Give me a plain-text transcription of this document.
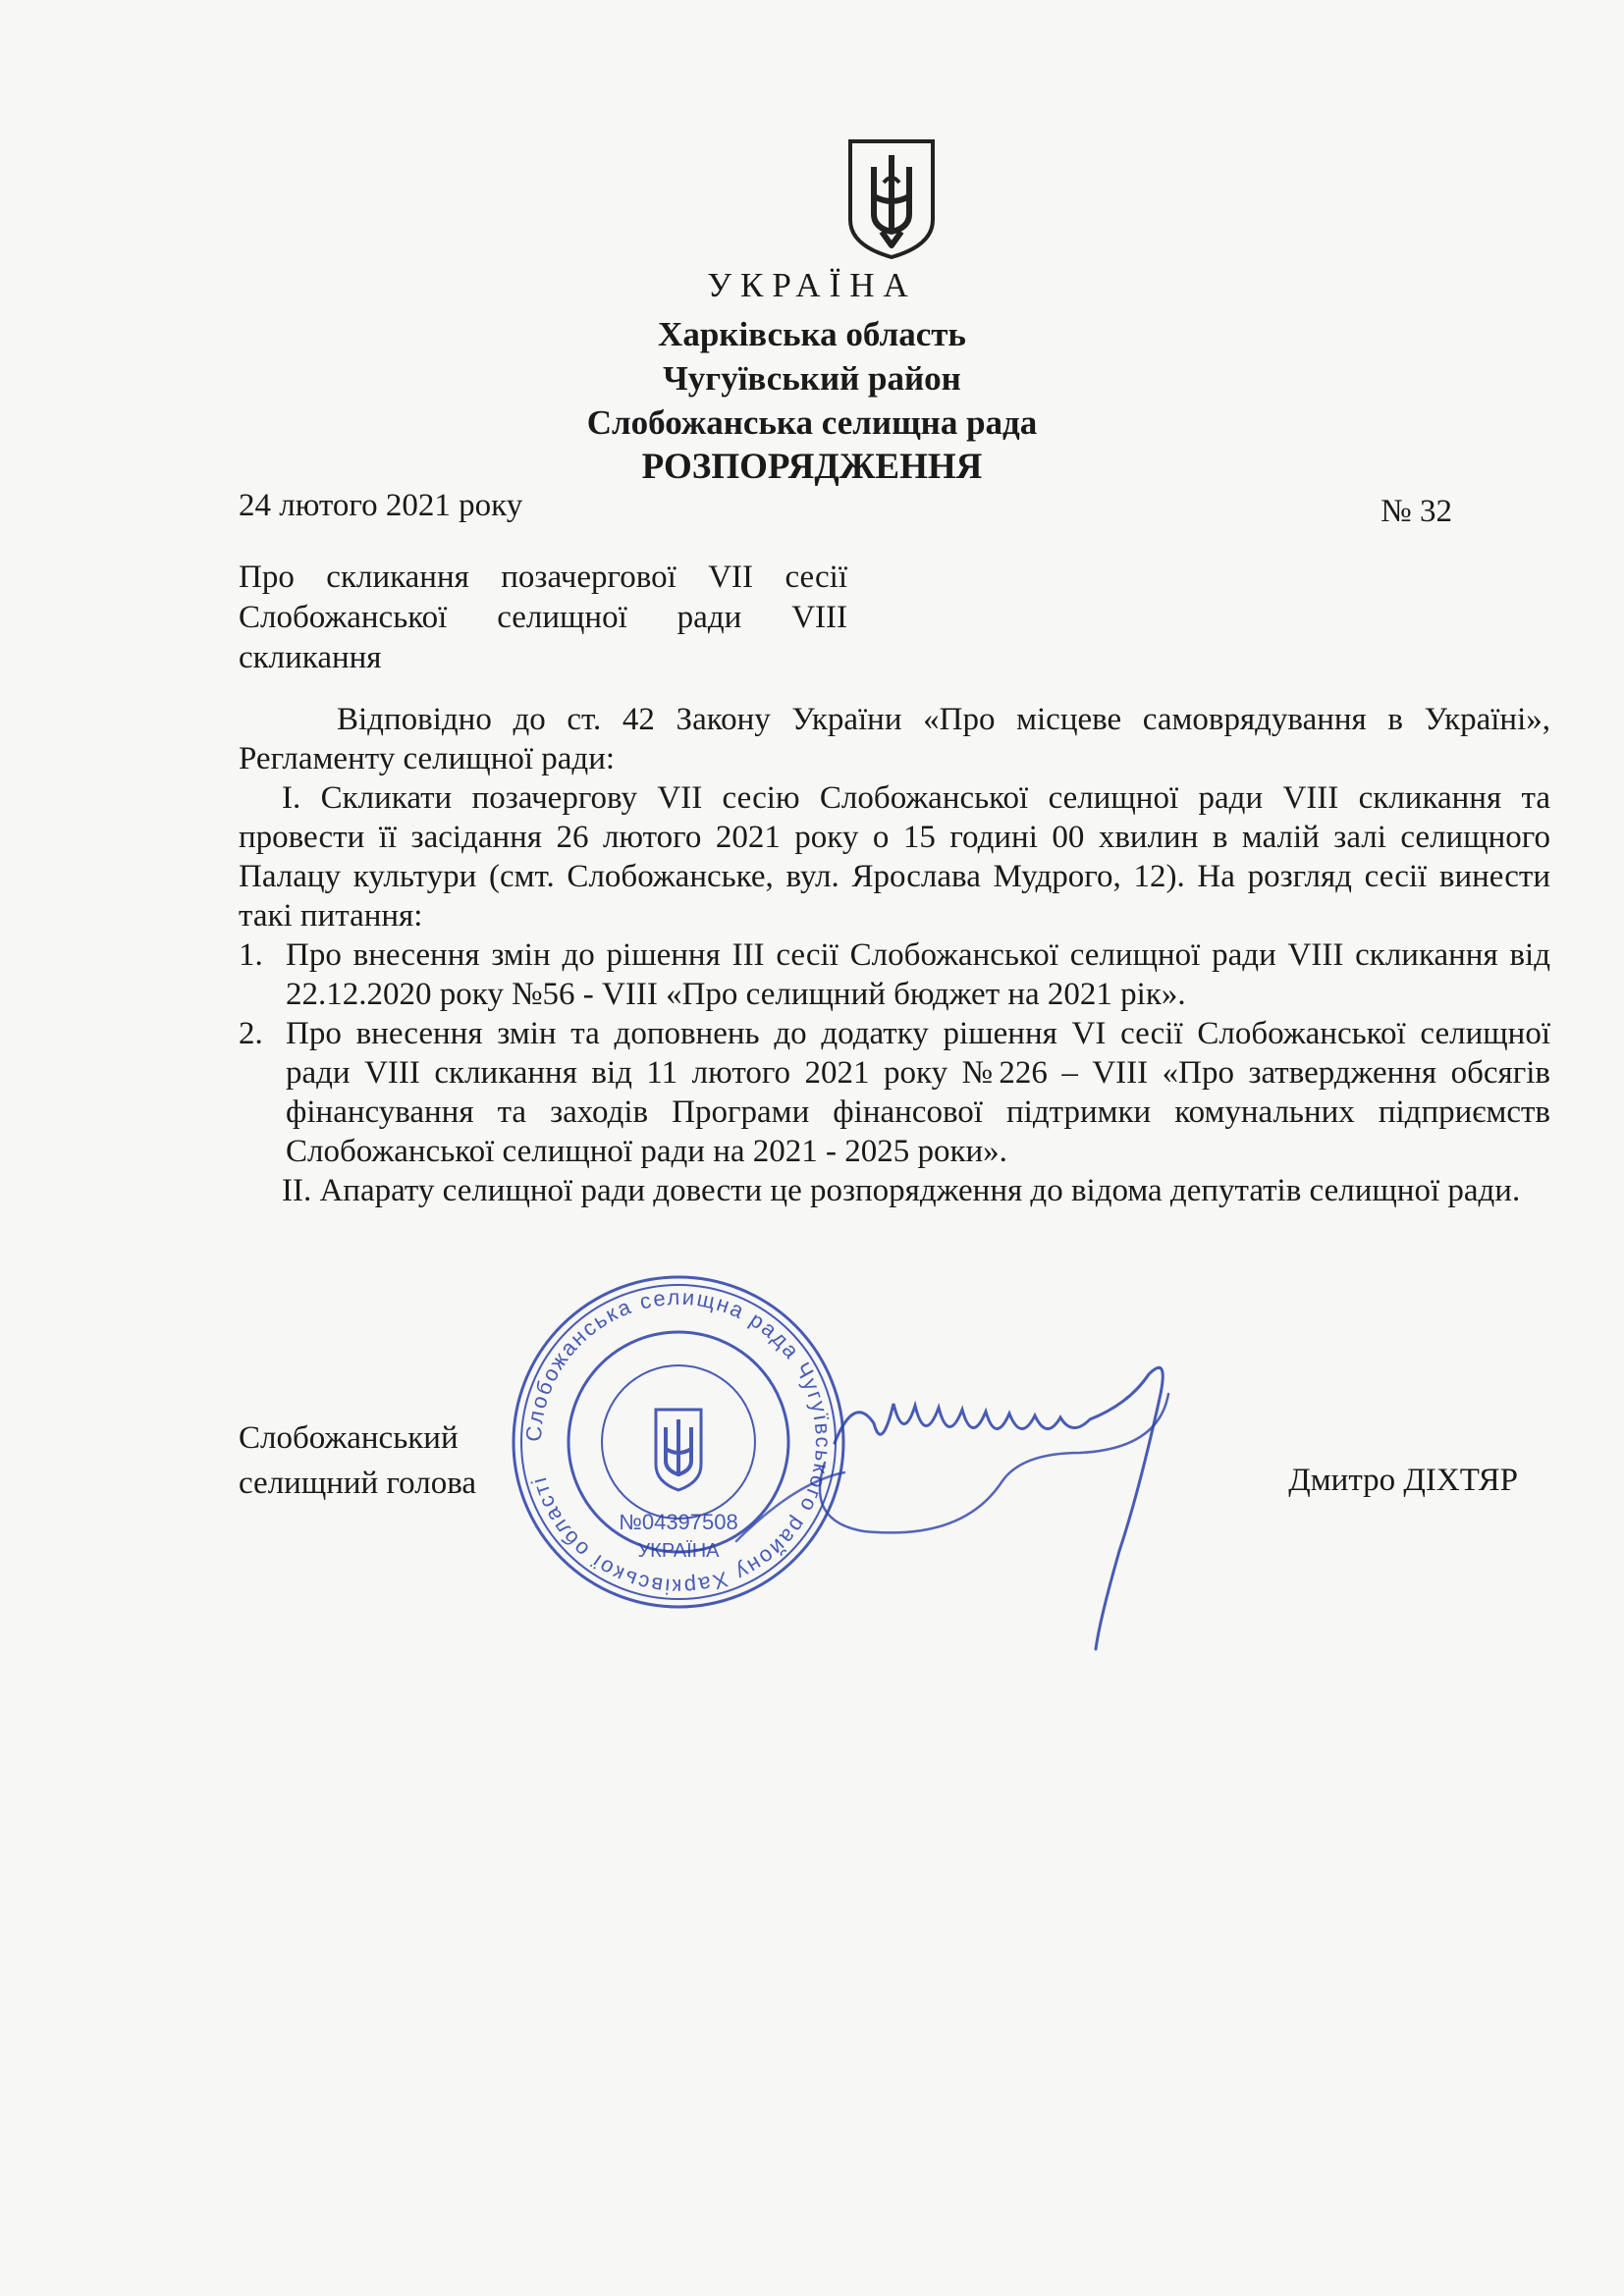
УКРАЇНА
Харківська область
Чугуївський район
Слобожанська селищна рада
РОЗПОРЯДЖЕННЯ
24 лютого 2021 року	№ 32
Про скликання позачергової VII сесії
Слобожанської селищної ради VIII
скликання
Відповідно до ст. 42 Закону України «Про місцеве самоврядування в Україні», Регламенту селищної ради:
І. Скликати позачергову VII сесію Слобожанської селищної ради VIII скликання та провести її засідання 26 лютого 2021 року о 15 годині 00 хвилин в малій залі селищного Палацу культури (смт. Слобожанське, вул. Ярослава Мудрого, 12). На розгляд сесії винести такі питання:
1. Про внесення змін до рішення ІІІ сесії Слобожанської селищної ради VIII скликання від 22.12.2020 року №56 - VIII «Про селищний бюджет на 2021 рік».
2. Про внесення змін та доповнень до додатку рішення VI сесії Слобожанської селищної ради VIII скликання від 11 лютого 2021 року №226 – VIII «Про затвердження обсягів фінансування та заходів Програми фінансової підтримки комунальних підприємств Слобожанської селищної ради на 2021 - 2025 роки».
ІІ. Апарату селищної ради довести це розпорядження до відома депутатів селищної ради.
Слобожанський
селищний голова	Дмитро ДІХТЯР
Слобожанська селищна рада Чугуївського району Харківської області
№04397508
УКРАЇНА
